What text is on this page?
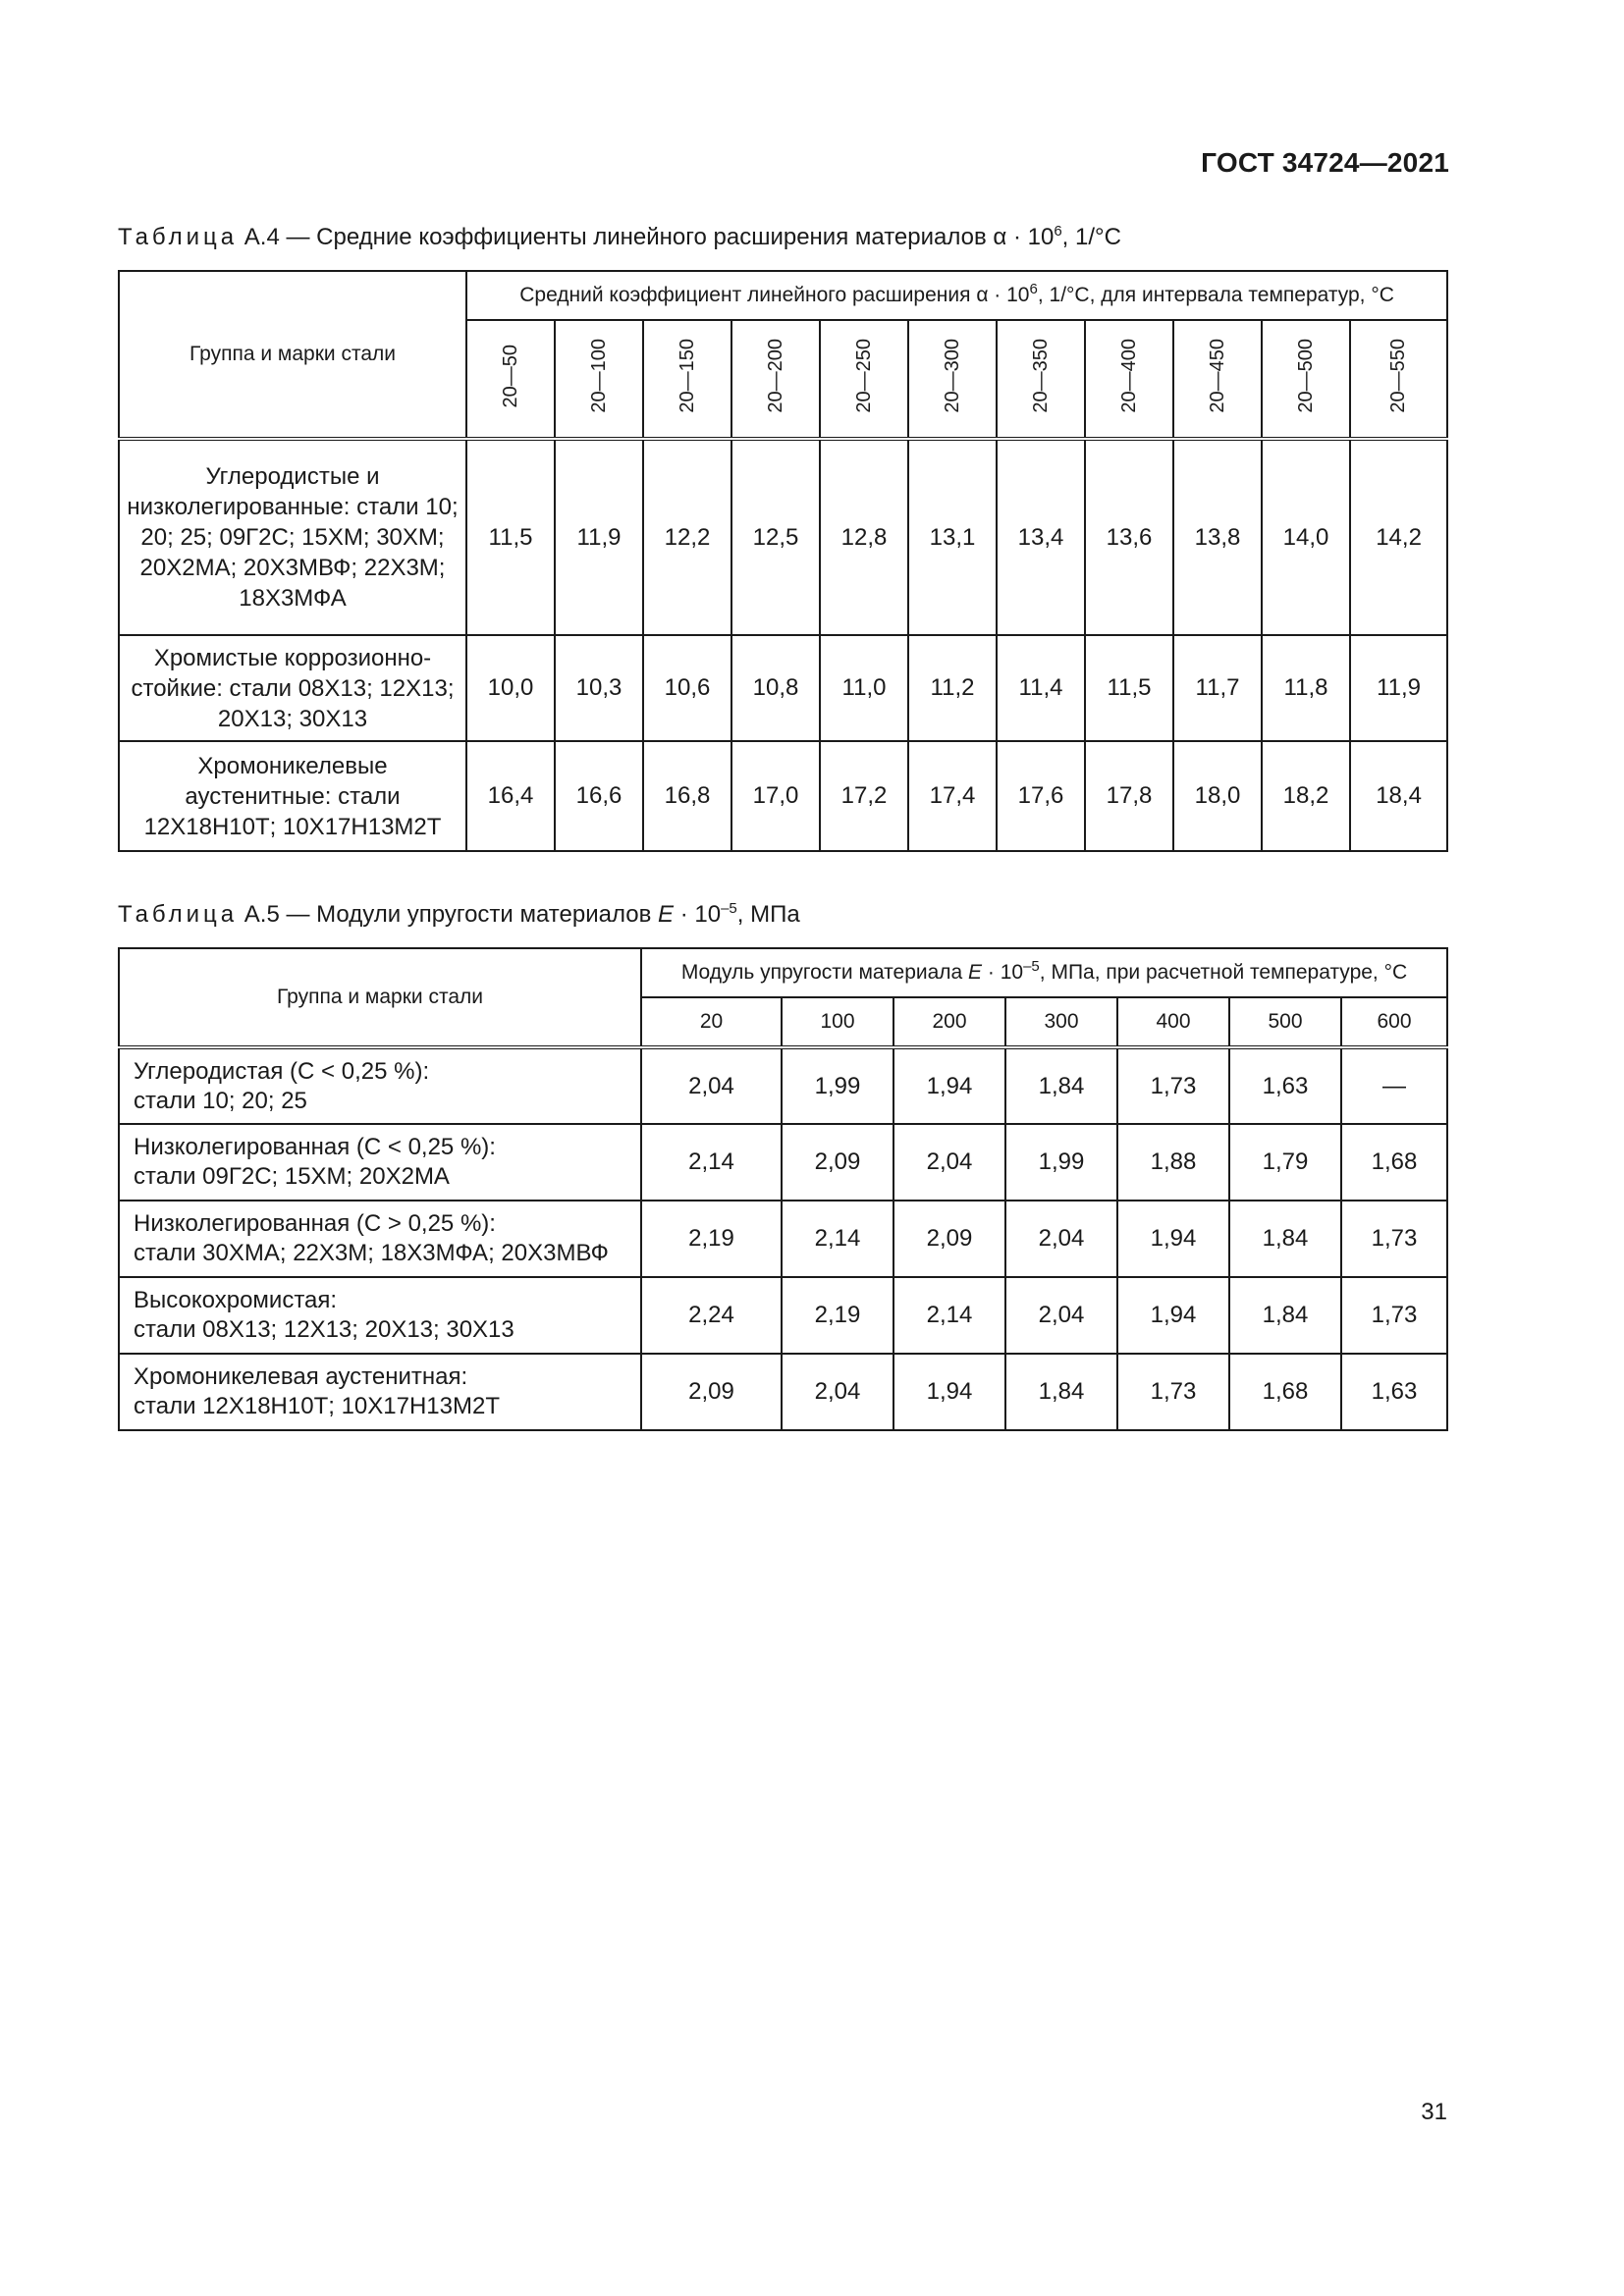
ГОСТ 34724—2021
Таблица А.4 — Средние коэффициенты линейного расширения материалов $\alpha \cdot 10^6$, 1/°С
Группа и марки стали	Средний коэффициент линейного расширения $\alpha \cdot 10^6$, 1/°С, для интервала температур, °С										
	20—50	20—100	20—150	20—200	20—250	20—300	20—350	20—400	20—450	20—500	20—550
Углеродистые и низколегированные: стали 10; 20; 25; 09Г2С; 15ХМ; 30ХМ; 20Х2МА; 20Х3МВФ; 22Х3М; 18Х3МФА	11,5	11,9	12,2	12,5	12,8	13,1	13,4	13,6	13,8	14,0	14,2
Хромистые коррозионно-стойкие: стали 08Х13; 12Х13; 20Х13; 30Х13	10,0	10,3	10,6	10,8	11,0	11,2	11,4	11,5	11,7	11,8	11,9
Хромоникелевые аустенитные: стали 12Х18Н10Т; 10Х17Н13М2Т	16,4	16,6	16,8	17,0	17,2	17,4	17,6	17,8	18,0	18,2	18,4
Таблица А.5 — Модули упругости материалов $E \cdot 10^{-5}$, МПа
Группа и марки стали	Модуль упругости материала $E \cdot 10^{-5}$, МПа, при расчетной температуре, °С						
	20	100	200	300	400	500	600

Углеродистая (С < 0,25 %):
стали 10; 20; 25	2,04	1,99	1,94	1,84	1,73	1,63	—

Низколегированная (С < 0,25 %):
стали 09Г2С; 15ХМ; 20Х2МА	2,14	2,09	2,04	1,99	1,88	1,79	1,68

Низколегированная (С > 0,25 %):
стали 30ХМА; 22Х3М; 18Х3МФА; 20Х3МВФ	2,19	2,14	2,09	2,04	1,94	1,84	1,73

Высокохромистая:
стали 08Х13; 12Х13; 20Х13; 30Х13	2,24	2,19	2,14	2,04	1,94	1,84	1,73

Хромоникелевая аустенитная:
стали 12Х18Н10Т; 10Х17Н13М2Т	2,09	2,04	1,94	1,84	1,73	1,68	1,63
31
